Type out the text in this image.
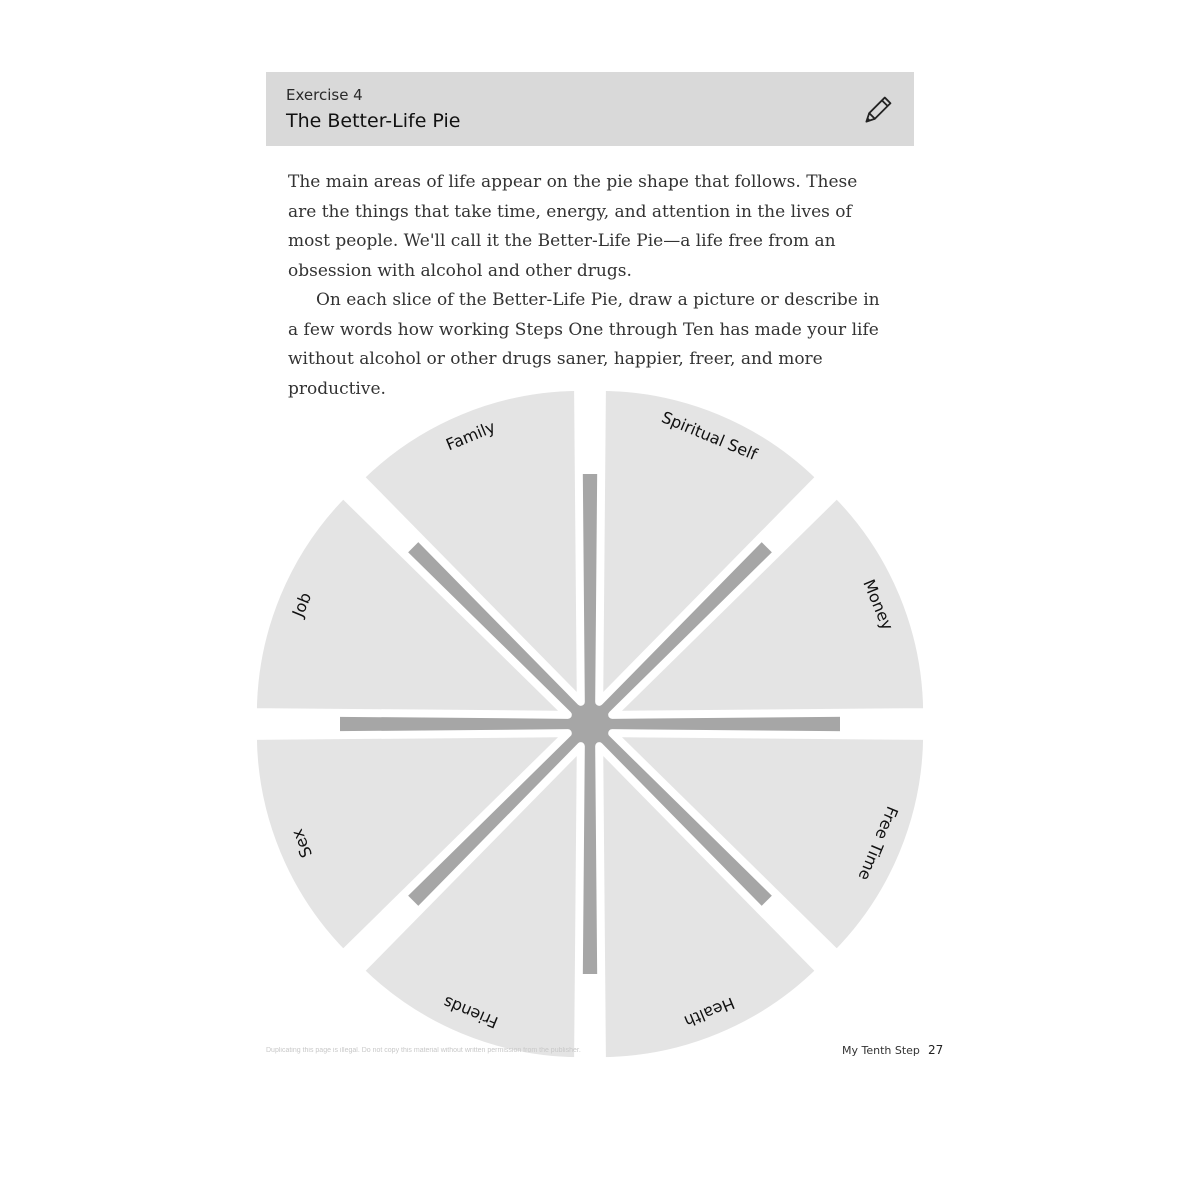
Exercise 4
The Better-Life Pie

The main areas of life appear on the pie shape that follows. These are the things that take time, energy, and attention in the lives of most people. We'll call it the Better-Life Pie—a life free from an obsession with alcohol and other drugs.

On each slice of the Better-Life Pie, draw a picture or describe in a few words how working Steps One through Ten has made your life without alcohol or other drugs saner, happier, freer, and more productive.

Spiritual Self
Money
Free Time
Health
Friends
Sex
Job
Family
Duplicating this page is illegal. Do not copy this material without written permission from the publisher.	My Tenth Step 27
